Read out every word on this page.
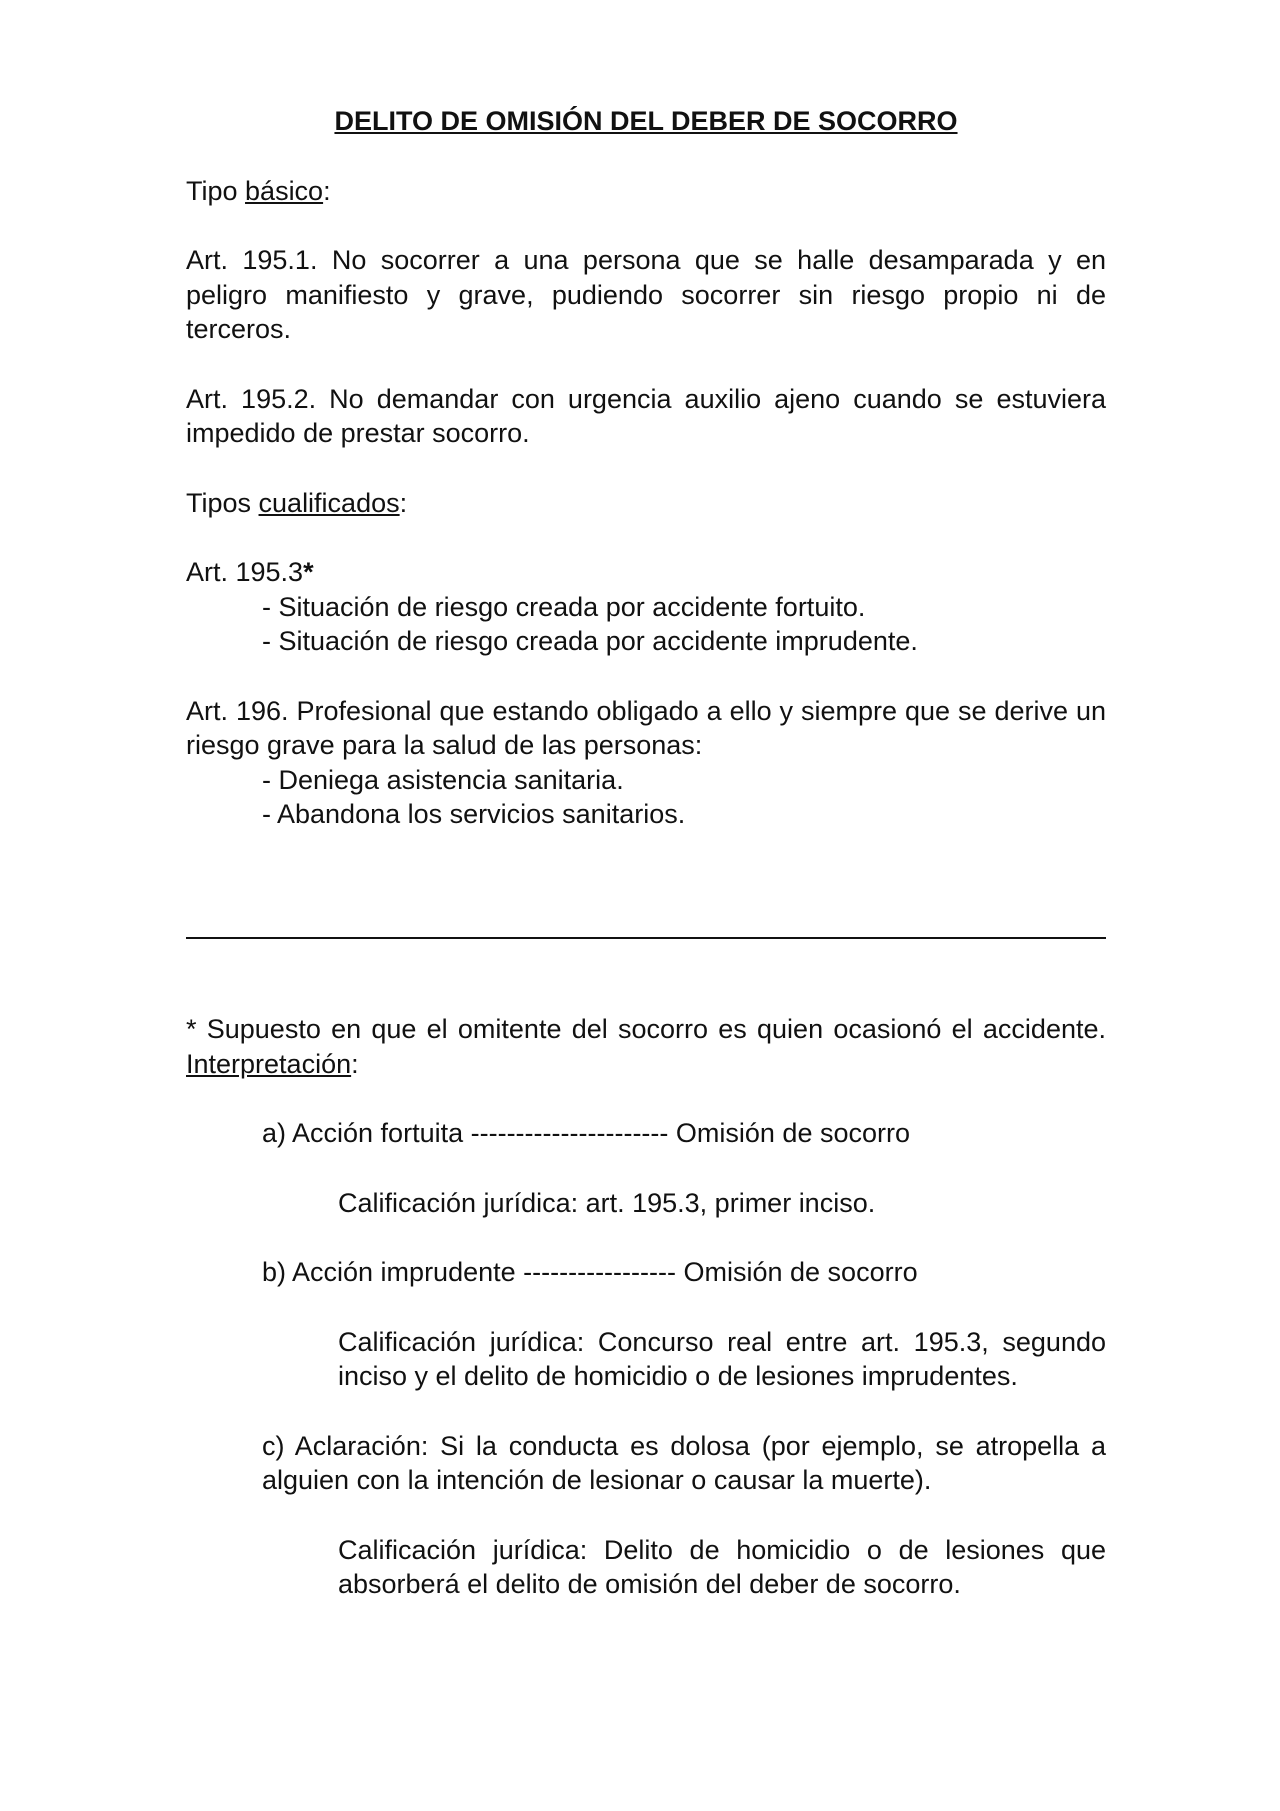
DELITO DE OMISIÓN DEL DEBER DE SOCORRO

Tipo básico:

Art. 195.1. No socorrer a una persona que se halle desamparada y en peligro manifiesto y grave, pudiendo socorrer sin riesgo propio ni de terceros.

Art. 195.2. No demandar con urgencia auxilio ajeno cuando se estuviera impedido de prestar socorro.

Tipos cualificados:

Art. 195.3*

- Situación de riesgo creada por accidente fortuito.
- Situación de riesgo creada por accidente imprudente.

Art. 196. Profesional que estando obligado a ello y siempre que se derive un riesgo grave para la salud de las personas:

- Deniega asistencia sanitaria.
- Abandona los servicios sanitarios.

* Supuesto en que el omitente del socorro es quien ocasionó el accidente. Interpretación:

a) Acción fortuita ---------------------- Omisión de socorro

Calificación jurídica: art. 195.3, primer inciso.

b) Acción imprudente ----------------- Omisión de socorro

Calificación jurídica: Concurso real entre art. 195.3, segundo inciso y el delito de homicidio o de lesiones imprudentes.

c) Aclaración: Si la conducta es dolosa (por ejemplo, se atropella a alguien con la intención de lesionar o causar la muerte).

Calificación jurídica: Delito de homicidio o de lesiones que absorberá el delito de omisión del deber de socorro.
